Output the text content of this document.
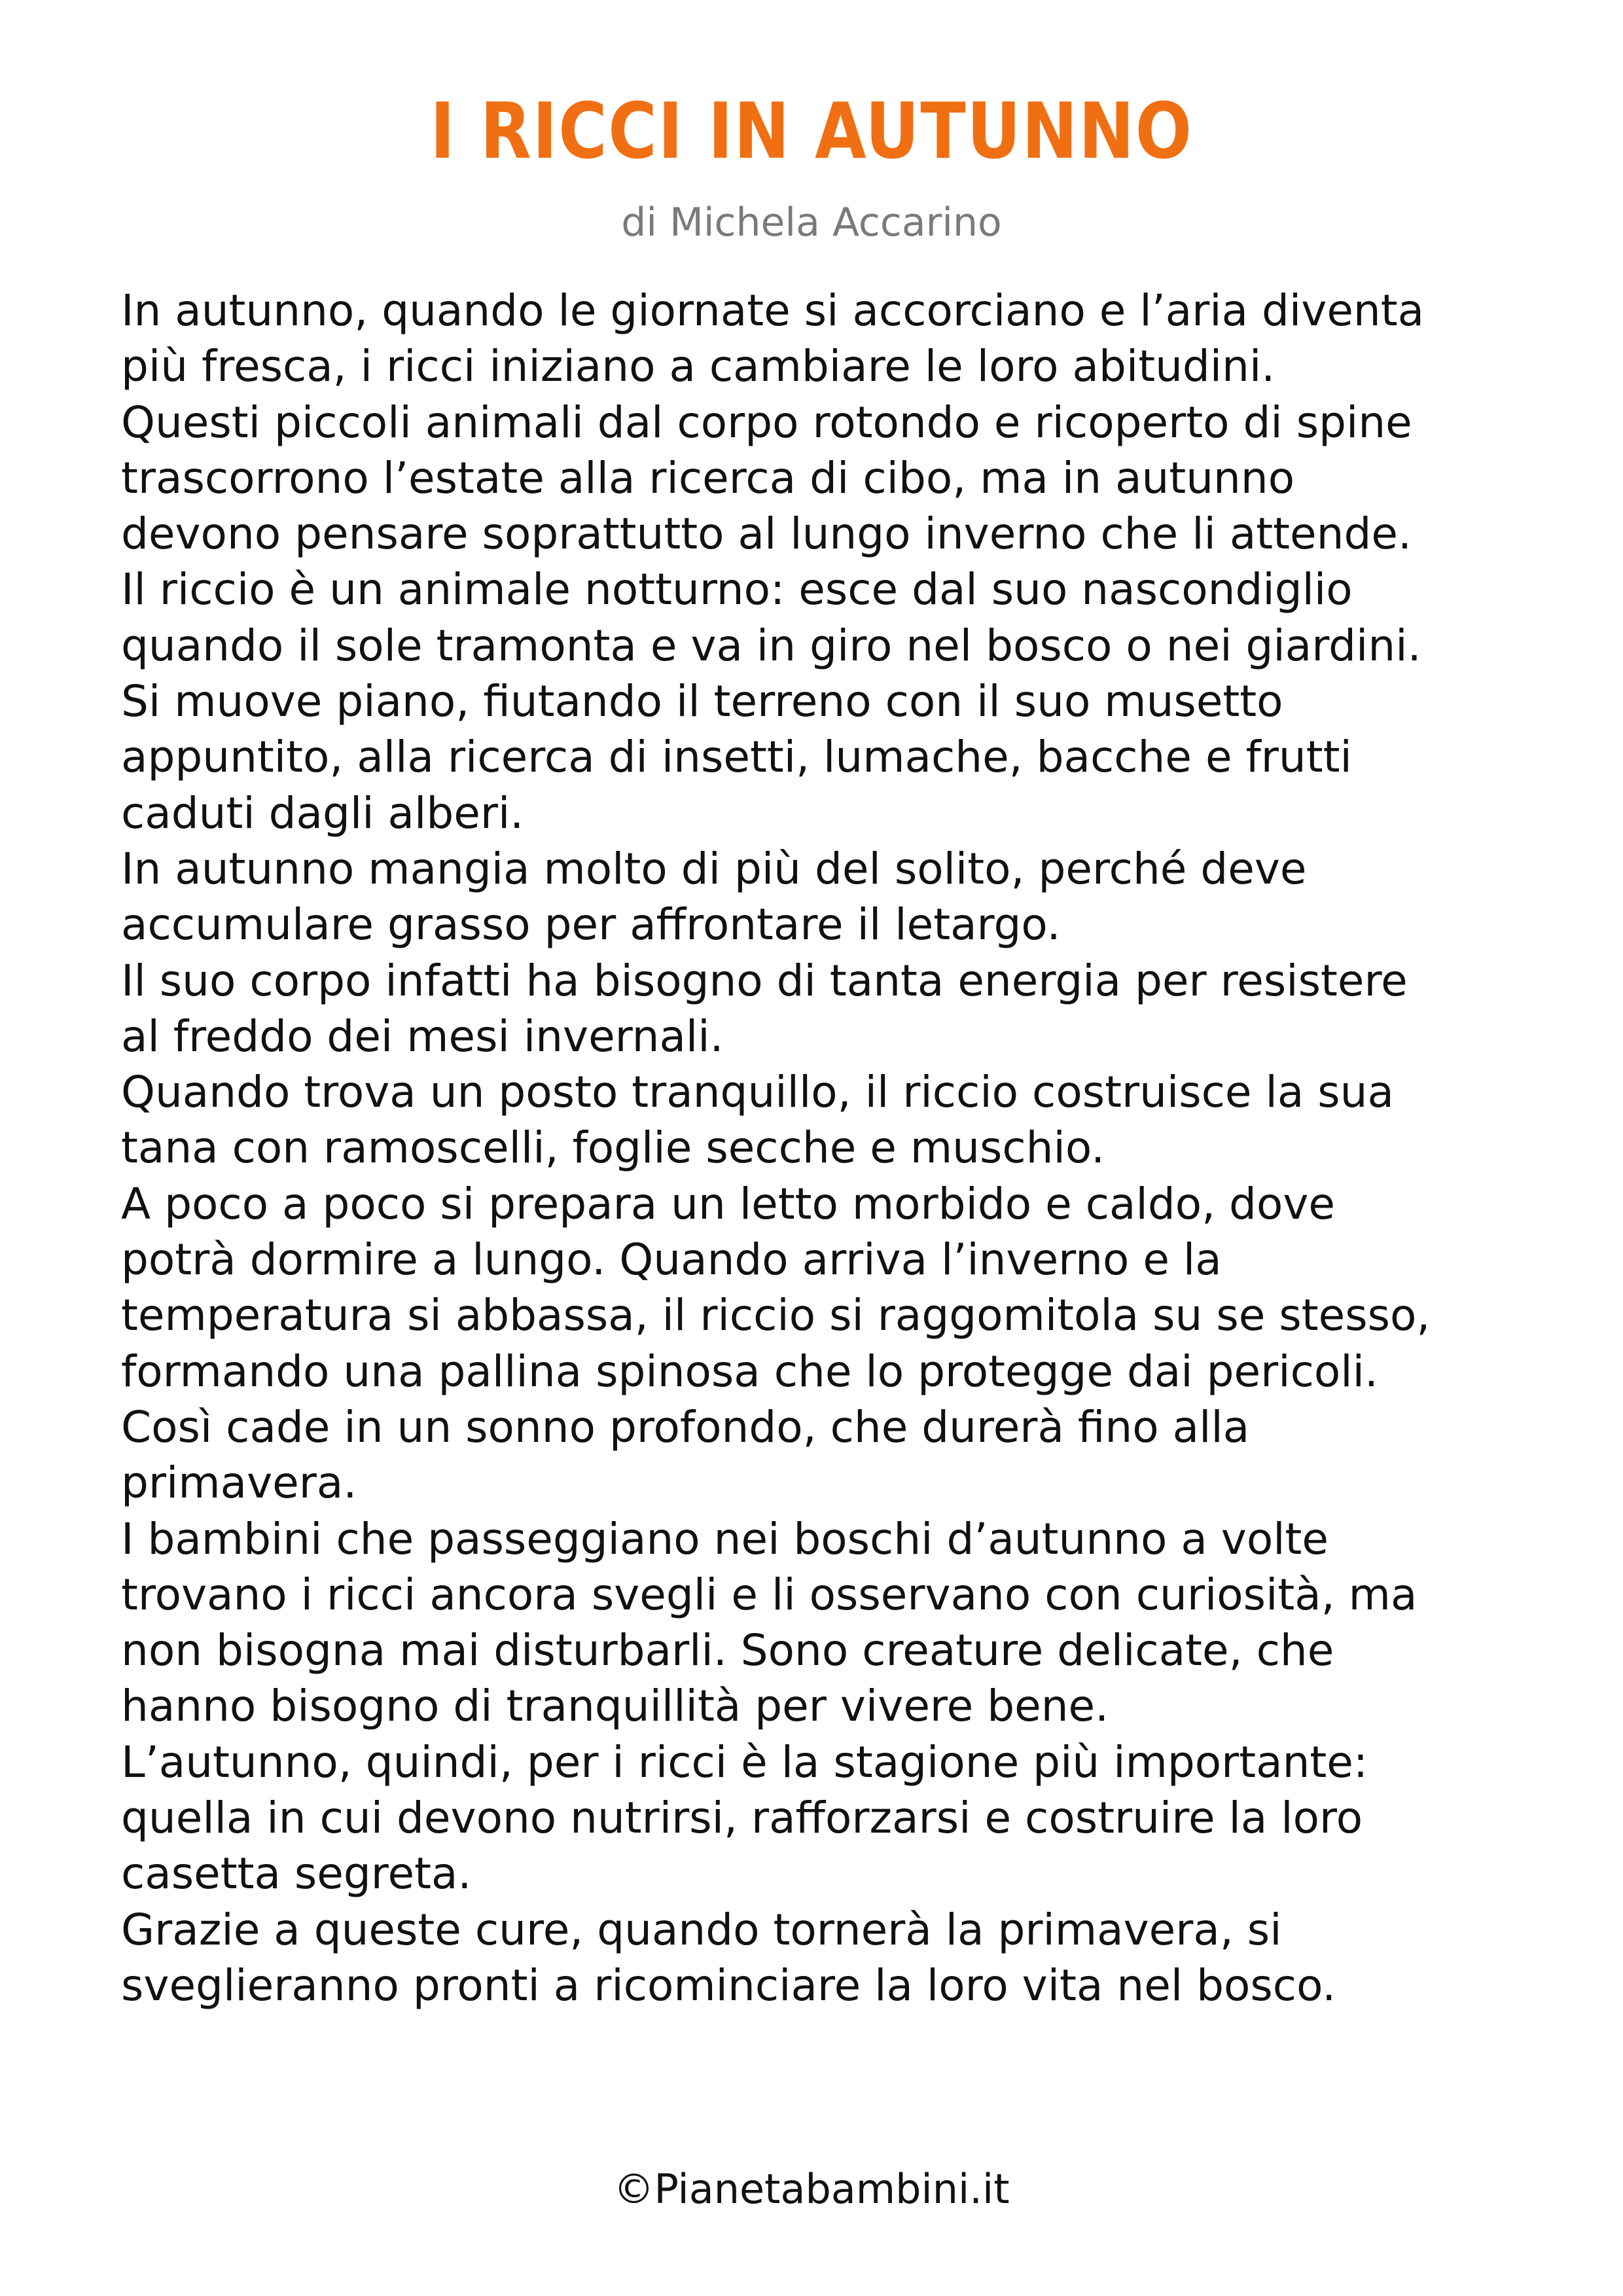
I RICCI IN AUTUNNO
di Michela Accarino
In autunno, quando le giornate si accorciano e l’aria diventa
più fresca, i ricci iniziano a cambiare le loro abitudini.
Questi piccoli animali dal corpo rotondo e ricoperto di spine
trascorrono l’estate alla ricerca di cibo, ma in autunno
devono pensare soprattutto al lungo inverno che li attende.
Il riccio è un animale notturno: esce dal suo nascondiglio
quando il sole tramonta e va in giro nel bosco o nei giardini.
Si muove piano, fiutando il terreno con il suo musetto
appuntito, alla ricerca di insetti, lumache, bacche e frutti
caduti dagli alberi.
In autunno mangia molto di più del solito, perché deve
accumulare grasso per affrontare il letargo.
Il suo corpo infatti ha bisogno di tanta energia per resistere
al freddo dei mesi invernali.
Quando trova un posto tranquillo, il riccio costruisce la sua
tana con ramoscelli, foglie secche e muschio.
A poco a poco si prepara un letto morbido e caldo, dove
potrà dormire a lungo. Quando arriva l’inverno e la
temperatura si abbassa, il riccio si raggomitola su se stesso,
formando una pallina spinosa che lo protegge dai pericoli.
Così cade in un sonno profondo, che durerà fino alla
primavera.
I bambini che passeggiano nei boschi d’autunno a volte
trovano i ricci ancora svegli e li osservano con curiosità, ma
non bisogna mai disturbarli. Sono creature delicate, che
hanno bisogno di tranquillità per vivere bene.
L’autunno, quindi, per i ricci è la stagione più importante:
quella in cui devono nutrirsi, rafforzarsi e costruire la loro
casetta segreta.
Grazie a queste cure, quando tornerà la primavera, si
sveglieranno pronti a ricominciare la loro vita nel bosco.
©Pianetabambini.it
